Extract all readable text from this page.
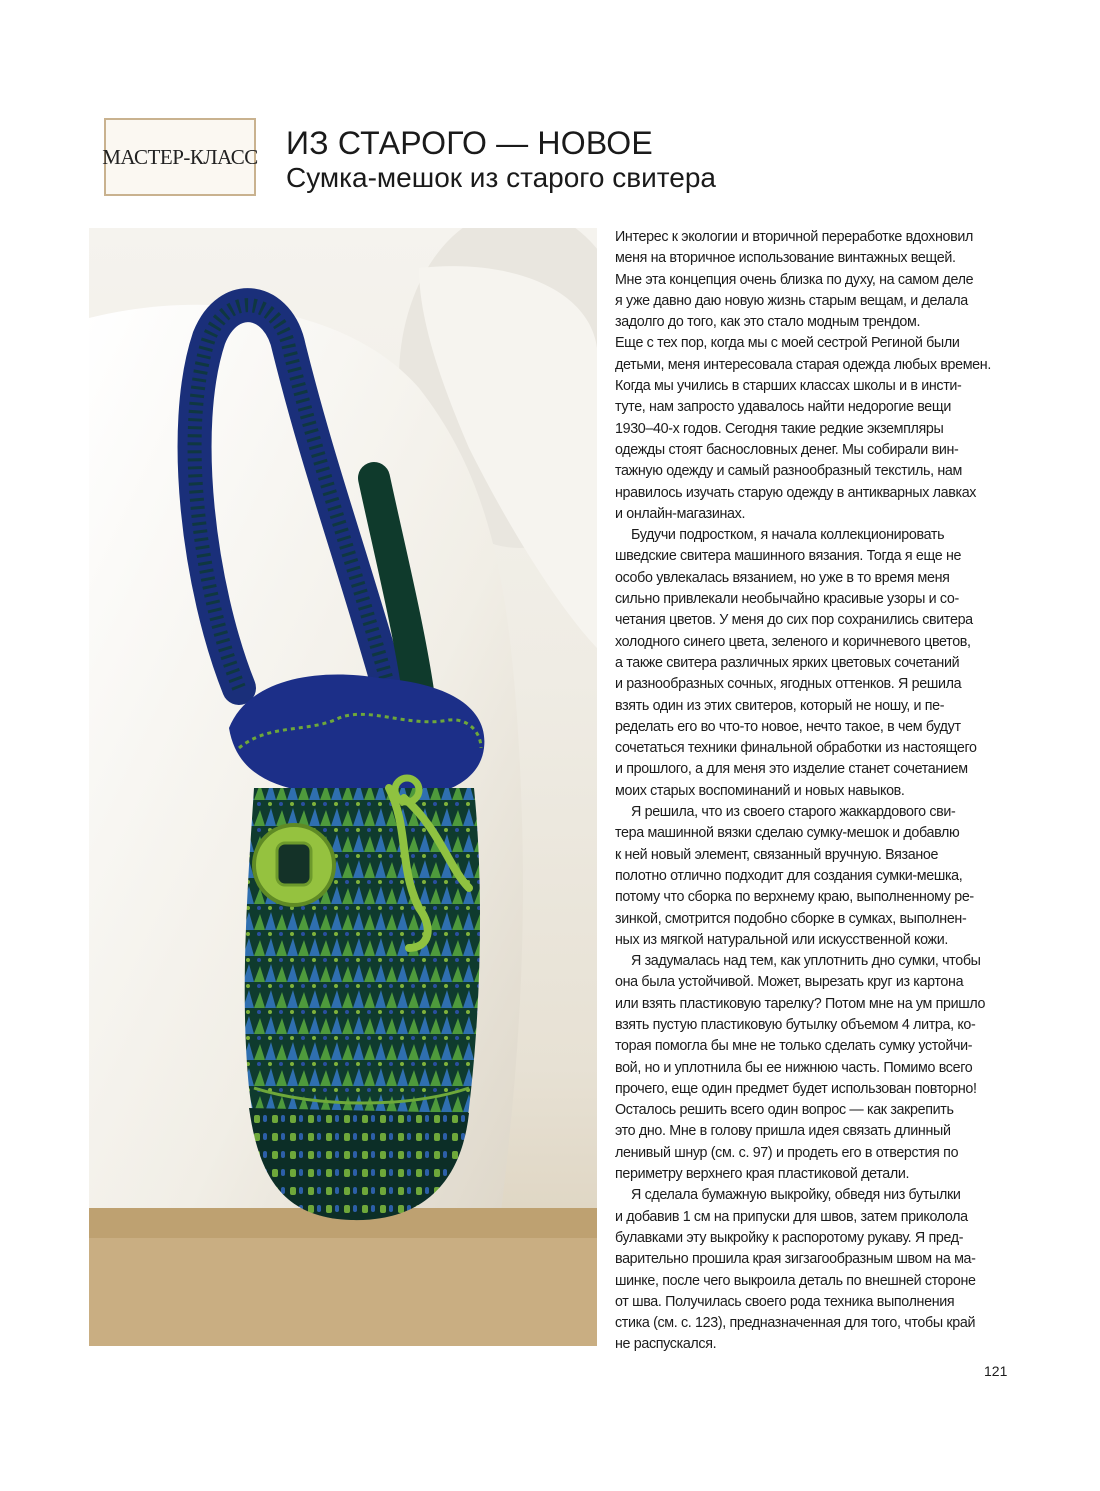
МАСТЕР-КЛАСС ИЗ СТАРОГО — НОВОЕ
Сумка-мешок из старого свитера
Интерес к экологии и вторичной переработке вдохновил
меня на вторичное использование винтажных вещей.
Мне эта концепция очень близка по духу, на самом деле
я уже давно даю новую жизнь старым вещам, и делала
задолго до того, как это стало модным трендом.
Еще с тех пор, когда мы с моей сестрой Региной были
детьми, меня интересовала старая одежда любых времен.
Когда мы учились в старших классах школы и в инсти-
туте, нам запросто удавалось найти недорогие вещи
1930–40-х годов. Сегодня такие редкие экземпляры
одежды стоят баснословных денег. Мы собирали вин-
тажную одежду и самый разнообразный текстиль, нам
нравилось изучать старую одежду в антикварных лавках
и онлайн-магазинах.
Будучи подростком, я начала коллекционировать
шведские свитера машинного вязания. Тогда я еще не
особо увлекалась вязанием, но уже в то время меня
сильно привлекали необычайно красивые узоры и со-
четания цветов. У меня до сих пор сохранились свитера
холодного синего цвета, зеленого и коричневого цветов,
а также свитера различных ярких цветовых сочетаний
и разнообразных сочных, ягодных оттенков. Я решила
взять один из этих свитеров, который не ношу, и пе-
ределать его во что-то новое, нечто такое, в чем будут
сочетаться техники финальной обработки из настоящего
и прошлого, а для меня это изделие станет сочетанием
моих старых воспоминаний и новых навыков.
Я решила, что из своего старого жаккардового сви-
тера машинной вязки сделаю сумку-мешок и добавлю
к ней новый элемент, связанный вручную. Вязаное
полотно отлично подходит для создания сумки-мешка,
потому что сборка по верхнему краю, выполненному ре-
зинкой, смотрится подобно сборке в сумках, выполнен-
ных из мягкой натуральной или искусственной кожи.
Я задумалась над тем, как уплотнить дно сумки, чтобы
она была устойчивой. Может, вырезать круг из картона
или взять пластиковую тарелку? Потом мне на ум пришло
взять пустую пластиковую бутылку объемом 4 литра, ко-
торая помогла бы мне не только сделать сумку устойчи-
вой, но и уплотнила бы ее нижнюю часть. Помимо всего
прочего, еще один предмет будет использован повторно!
Осталось решить всего один вопрос — как закрепить
это дно. Мне в голову пришла идея связать длинный
ленивый шнур (см. с. 97) и продеть его в отверстия по
периметру верхнего края пластиковой детали.
Я сделала бумажную выкройку, обведя низ бутылки
и добавив 1 см на припуски для швов, затем приколола
булавками эту выкройку к распоротому рукаву. Я пред-
варительно прошила края зигзагообразным швом на ма-
шинке, после чего выкроила деталь по внешней стороне
от шва. Получилась своего рода техника выполнения
стика (см. с. 123), предназначенная для того, чтобы край
не распускался.
121
